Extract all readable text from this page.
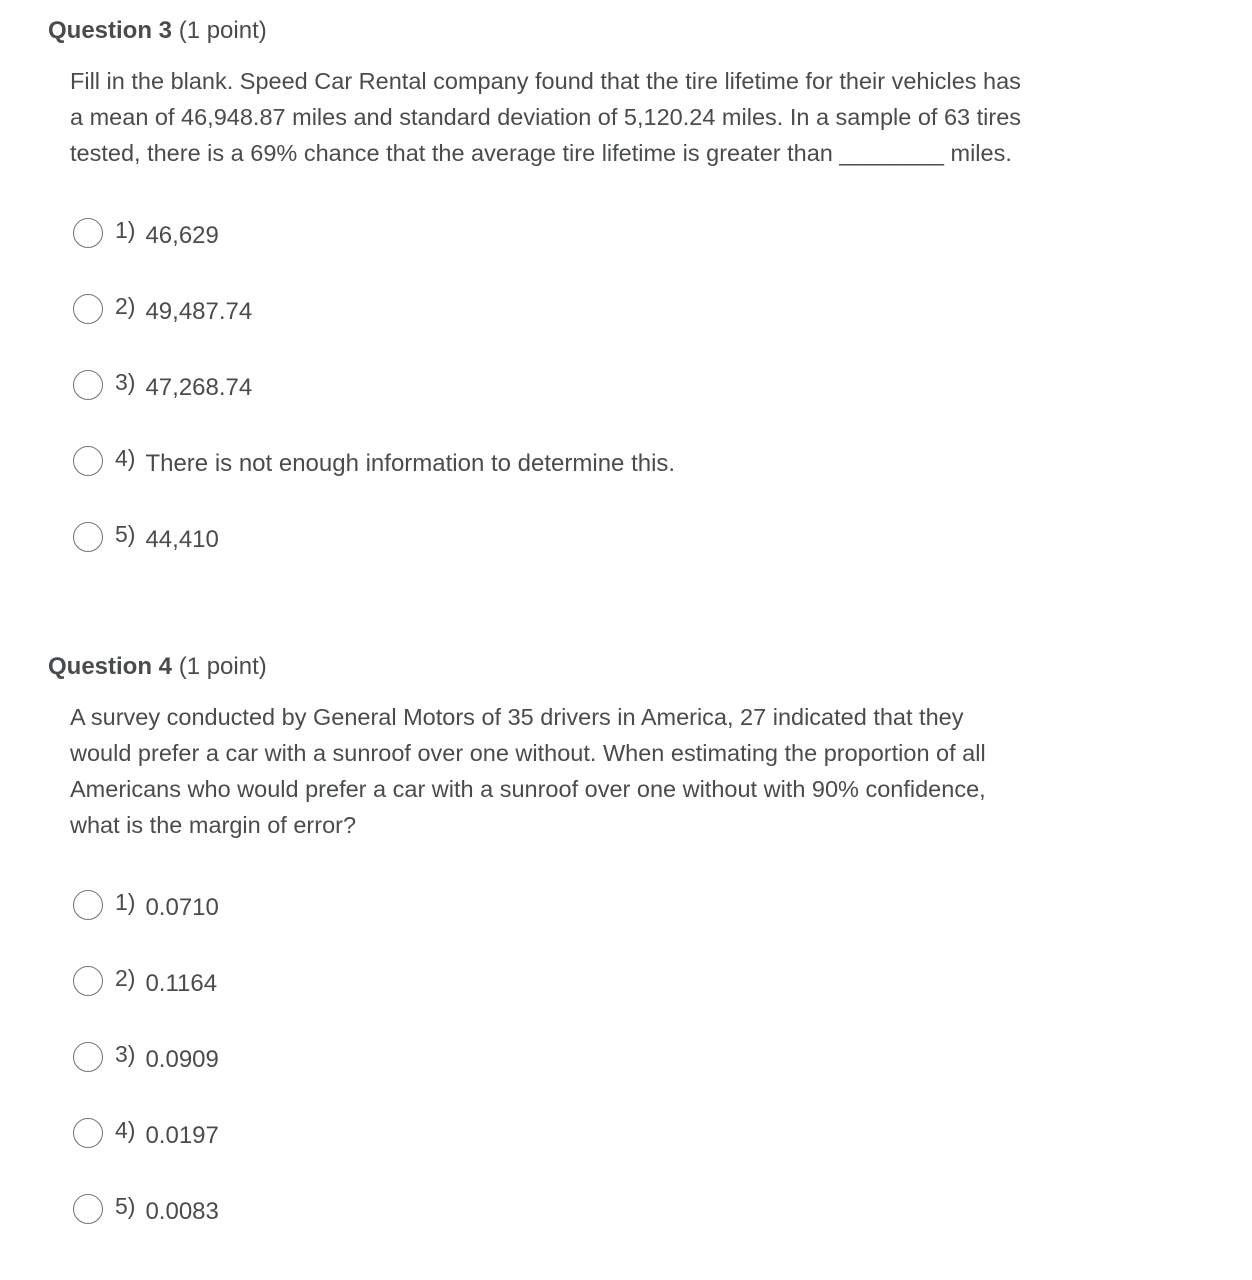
Question 3 (1 point)

Fill in the blank. Speed Car Rental company found that the tire lifetime for their vehicles has a mean of 46,948.87 miles and standard deviation of 5,120.24 miles. In a sample of 63 tires tested, there is a 69% chance that the average tire lifetime is greater than ________ miles.

1) 46,629
2) 49,487.74
3) 47,268.74
4) There is not enough information to determine this.
5) 44,410
Question 4 (1 point)

A survey conducted by General Motors of 35 drivers in America, 27 indicated that they would prefer a car with a sunroof over one without. When estimating the proportion of all Americans who would prefer a car with a sunroof over one without with 90% confidence, what is the margin of error?

1) 0.0710
2) 0.1164
3) 0.0909
4) 0.0197
5) 0.0083
